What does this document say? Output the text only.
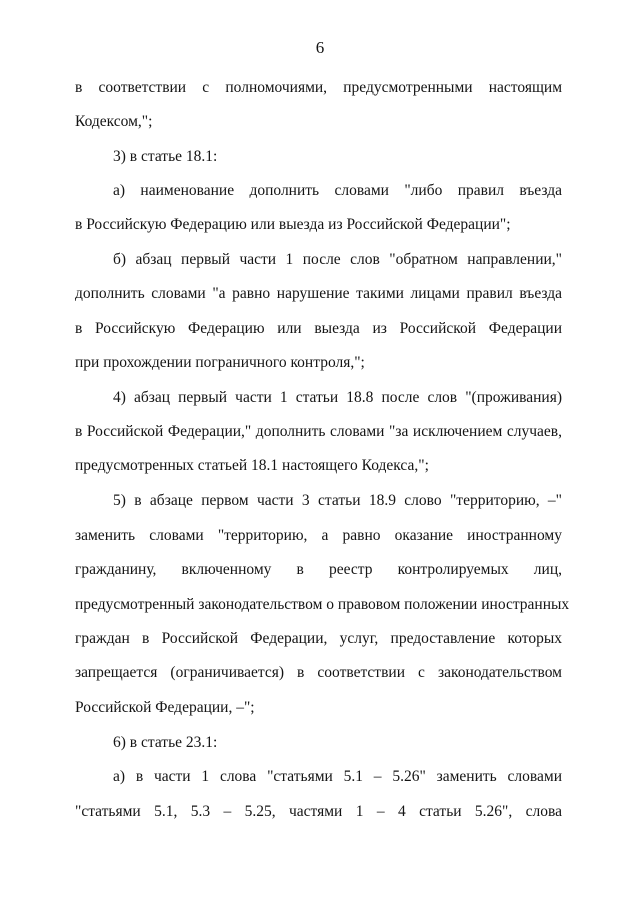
6
в соответствии с полномочиями, предусмотренными настоящим
Кодексом,";
3) в статье 18.1:
а) наименование дополнить словами "либо правил въезда
в Российскую Федерацию или выезда из Российской Федерации";
б) абзац первый части 1 после слов "обратном направлении,"
дополнить словами "а равно нарушение такими лицами правил въезда
в Российскую Федерацию или выезда из Российской Федерации
при прохождении пограничного контроля,";
4) абзац первый части 1 статьи 18.8 после слов "(проживания)
в Российской Федерации," дополнить словами "за исключением случаев,
предусмотренных статьей 18.1 настоящего Кодекса,";
5) в абзаце первом части 3 статьи 18.9 слово "территорию, –"
заменить словами "территорию, а равно оказание иностранному
гражданину, включенному в реестр контролируемых лиц,
предусмотренный законодательством о правовом положении иностранных
граждан в Российской Федерации, услуг, предоставление которых
запрещается (ограничивается) в соответствии с законодательством
Российской Федерации, –";
6) в статье 23.1:
а) в части 1 слова "статьями 5.1 – 5.26" заменить словами
"статьями 5.1, 5.3 – 5.25, частями 1 – 4 статьи 5.26", слова
